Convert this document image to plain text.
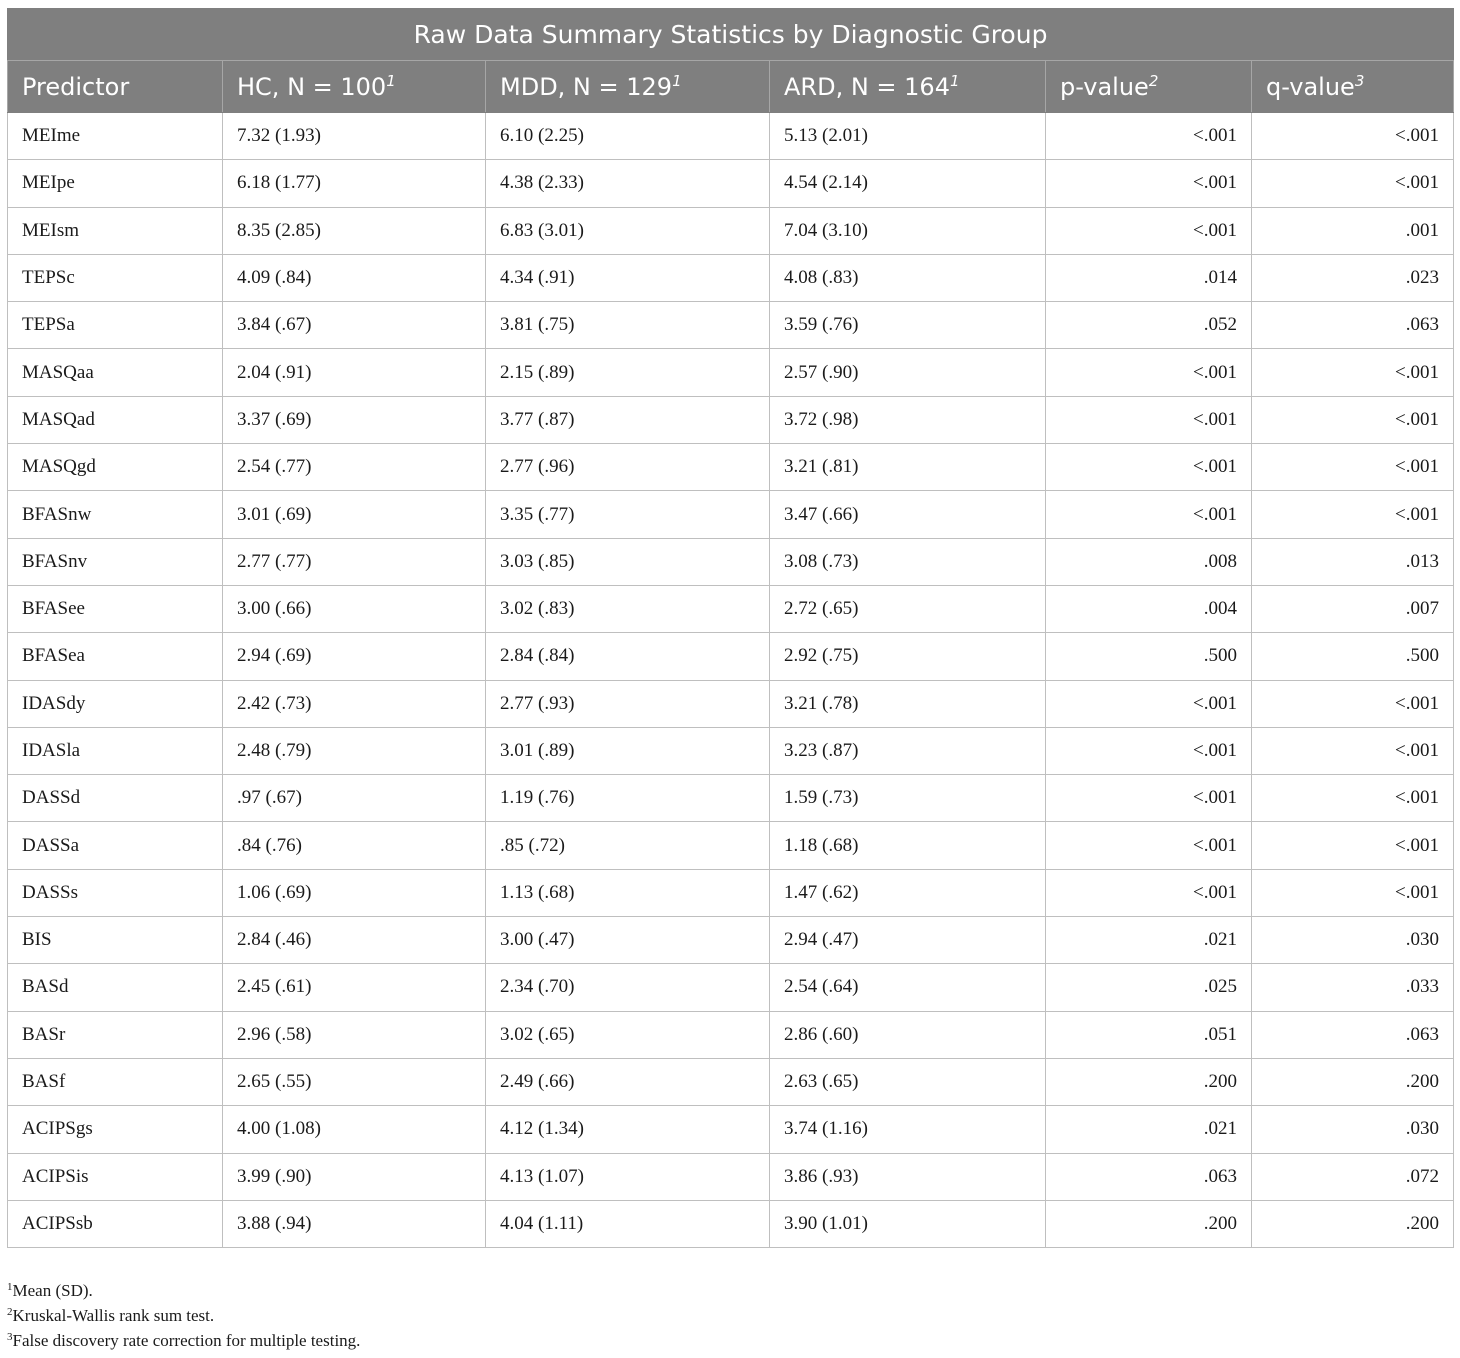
Raw Data Summary Statistics by Diagnostic Group					
Predictor	HC, $N = 100^1$	MDD, $N = 129^1$	ARD, $N = 164^1$	p-value$^2$	q-value$^3$
MEIme	7.32 (1.93)	6.10 (2.25)	5.13 (2.01)	<.001	<.001
MEIpe	6.18 (1.77)	4.38 (2.33)	4.54 (2.14)	<.001	<.001
MEIsm	8.35 (2.85)	6.83 (3.01)	7.04 (3.10)	<.001	.001
TEPSc	4.09 (.84)	4.34 (.91)	4.08 (.83)	.014	.023
TEPSa	3.84 (.67)	3.81 (.75)	3.59 (.76)	.052	.063
MASQaa	2.04 (.91)	2.15 (.89)	2.57 (.90)	<.001	<.001
MASQad	3.37 (.69)	3.77 (.87)	3.72 (.98)	<.001	<.001
MASQgd	2.54 (.77)	2.77 (.96)	3.21 (.81)	<.001	<.001
BFASnw	3.01 (.69)	3.35 (.77)	3.47 (.66)	<.001	<.001
BFASnv	2.77 (.77)	3.03 (.85)	3.08 (.73)	.008	.013
BFASee	3.00 (.66)	3.02 (.83)	2.72 (.65)	.004	.007
BFASea	2.94 (.69)	2.84 (.84)	2.92 (.75)	.500	.500
IDASdy	2.42 (.73)	2.77 (.93)	3.21 (.78)	<.001	<.001
IDASla	2.48 (.79)	3.01 (.89)	3.23 (.87)	<.001	<.001
DASSd	.97 (.67)	1.19 (.76)	1.59 (.73)	<.001	<.001
DASSa	.84 (.76)	.85 (.72)	1.18 (.68)	<.001	<.001
DASSs	1.06 (.69)	1.13 (.68)	1.47 (.62)	<.001	<.001
BIS	2.84 (.46)	3.00 (.47)	2.94 (.47)	.021	.030
BASd	2.45 (.61)	2.34 (.70)	2.54 (.64)	.025	.033
BASr	2.96 (.58)	3.02 (.65)	2.86 (.60)	.051	.063
BASf	2.65 (.55)	2.49 (.66)	2.63 (.65)	.200	.200
ACIPSgs	4.00 (1.08)	4.12 (1.34)	3.74 (1.16)	.021	.030
ACIPSis	3.99 (.90)	4.13 (1.07)	3.86 (.93)	.063	.072
ACIPSsb	3.88 (.94)	4.04 (1.11)	3.90 (1.01)	.200	.200
$^1$Mean (SD).
$^2$Kruskal-Wallis rank sum test.
$^3$False discovery rate correction for multiple testing.
